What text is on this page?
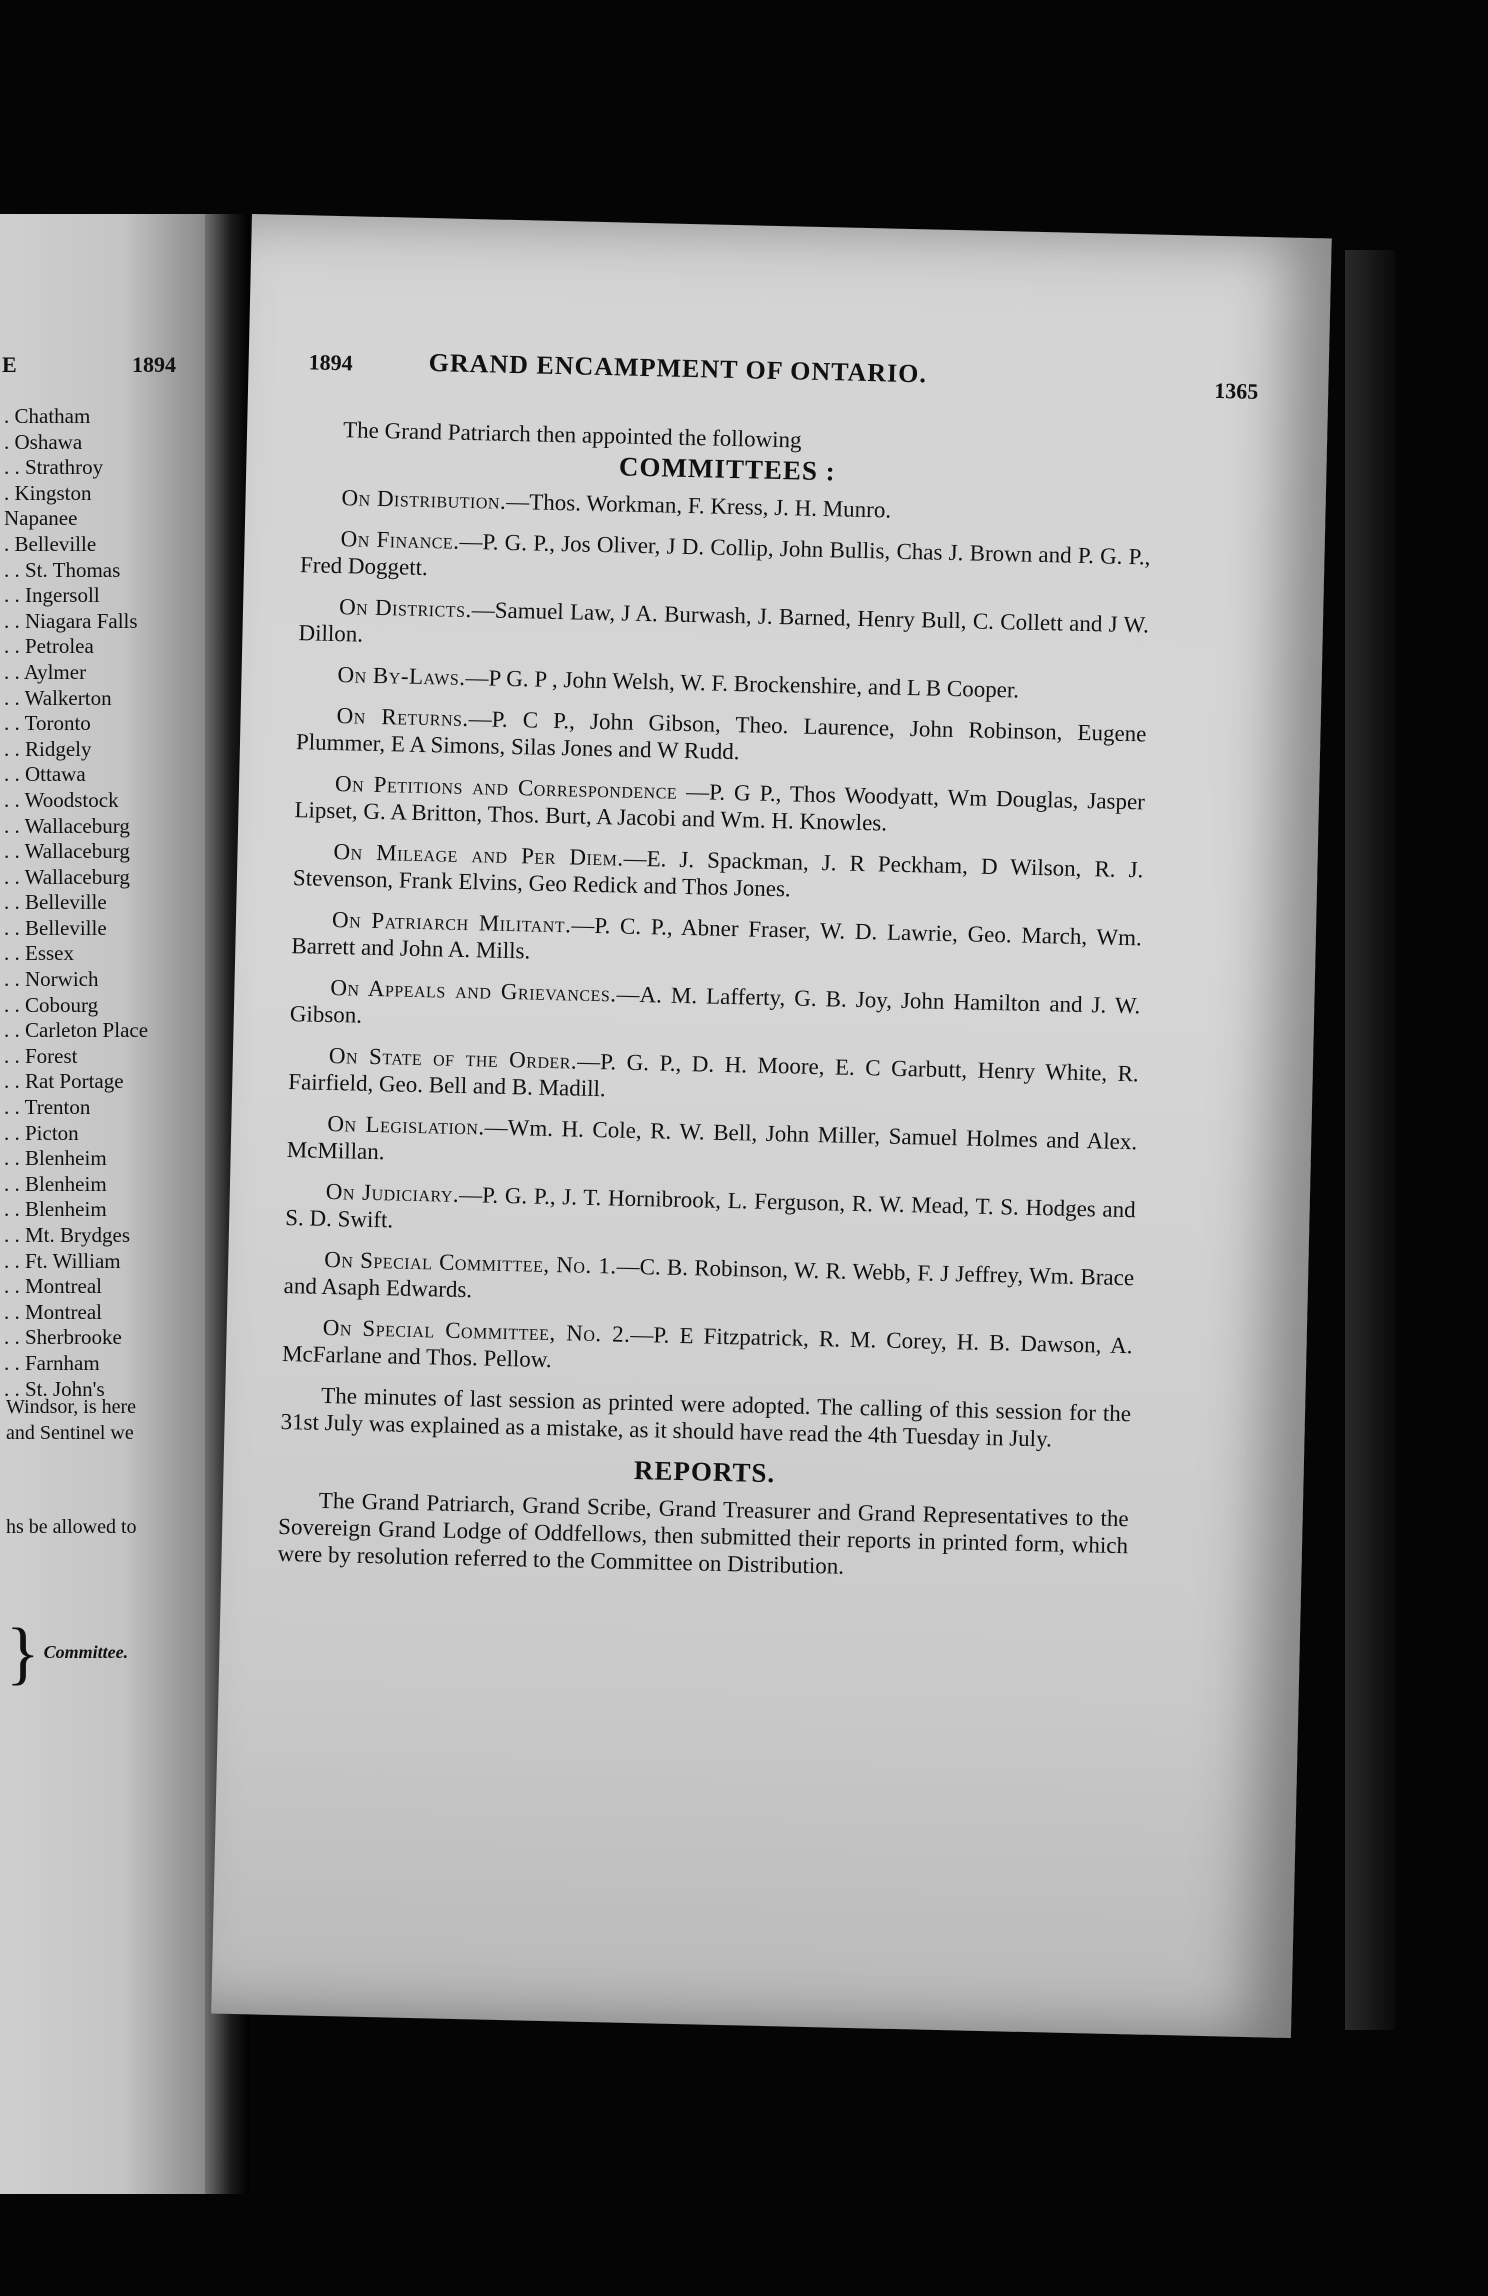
E	1894
. Chatham
. Oshawa
. . Strathroy
. Kingston
Napanee
. Belleville
. . St. Thomas
. . Ingersoll
. . Niagara Falls
. . Petrolea
. . Aylmer
. . Walkerton
. . Toronto
. . Ridgely
. . Ottawa
. . Woodstock
. . Wallaceburg
. . Wallaceburg
. . Wallaceburg
. . Belleville
. . Belleville
. . Essex
. . Norwich
. . Cobourg
. . Carleton Place
. . Forest
. . Rat Portage
. . Trenton
. . Picton
. . Blenheim
. . Blenheim
. . Blenheim
. . Mt. Brydges
. . Ft. William
. . Montreal
. . Montreal
. . Sherbrooke
. . Farnham
. . St. John's
Windsor, is here
and Sentinel we
hs be allowed to
} Committee.
1894	GRAND ENCAMPMENT OF ONTARIO.
1365

The Grand Patriarch then appointed the following

COMMITTEES :

On Distribution.—Thos. Workman, F. Kress, J. H. Munro.

On Finance.—P. G. P., Jos Oliver, J D. Collip, John Bullis, Chas J. Brown and P. G. P., Fred Doggett.

On Districts.—Samuel Law, J A. Burwash, J. Barned, Henry Bull, C. Collett and J W. Dillon.

On By-Laws.—P G. P , John Welsh, W. F. Brockenshire, and L B Cooper.

On Returns.—P. C P., John Gibson, Theo. Laurence, John Robinson, Eugene Plummer, E A Simons, Silas Jones and W Rudd.

On Petitions and Correspondence —P. G P., Thos Woodyatt, Wm Douglas, Jasper Lipset, G. A Britton, Thos. Burt, A Jacobi and Wm. H. Knowles.

On Mileage and Per Diem.—E. J. Spackman, J. R Peckham, D Wilson, R. J. Stevenson, Frank Elvins, Geo Redick and Thos Jones.

On Patriarch Militant.—P. C. P., Abner Fraser, W. D. Lawrie, Geo. March, Wm. Barrett and John A. Mills.

On Appeals and Grievances.—A. M. Lafferty, G. B. Joy, John Hamilton and J. W. Gibson.

On State of the Order.—P. G. P., D. H. Moore, E. C Garbutt, Henry White, R. Fairfield, Geo. Bell and B. Madill.

On Legislation.—Wm. H. Cole, R. W. Bell, John Miller, Samuel Holmes and Alex. McMillan.

On Judiciary.—P. G. P., J. T. Hornibrook, L. Ferguson, R. W. Mead, T. S. Hodges and S. D. Swift.

On Special Committee, No. 1.—C. B. Robinson, W. R. Webb, F. J Jeffrey, Wm. Brace and Asaph Edwards.

On Special Committee, No. 2.—P. E Fitzpatrick, R. M. Corey, H. B. Dawson, A. McFarlane and Thos. Pellow.

The minutes of last session as printed were adopted. The calling of this session for the 31st July was explained as a mistake, as it should have read the 4th Tuesday in July.

REPORTS.

The Grand Patriarch, Grand Scribe, Grand Treasurer and Grand Representatives to the Sovereign Grand Lodge of Oddfellows, then submitted their reports in printed form, which were by resolution referred to the Committee on Distribution.
